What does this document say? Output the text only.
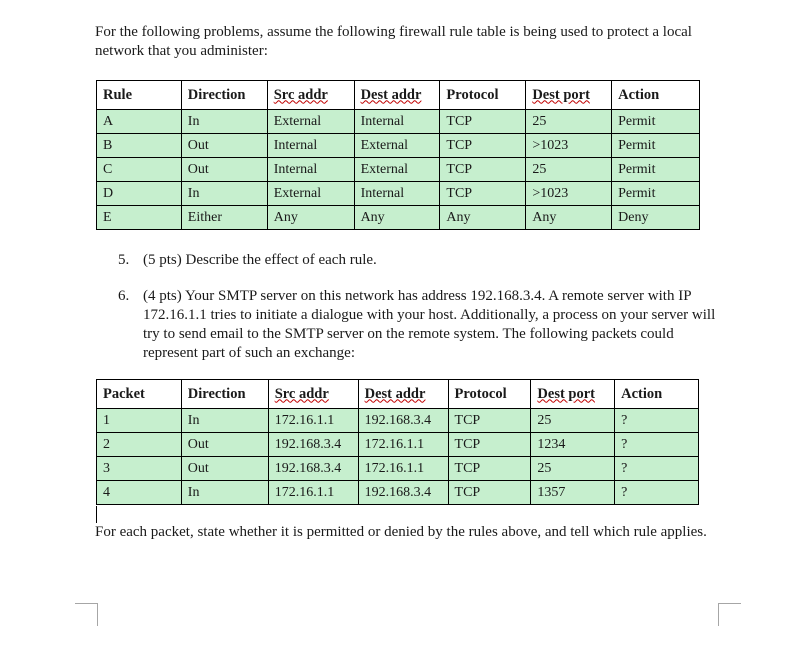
For the following problems, assume the following firewall rule table is being used to protect a local network that you administer:

Rule	Direction	Src addr	Dest addr	Protocol	Dest port	Action
A	In	External	Internal	TCP	25	Permit
B	Out	Internal	External	TCP	>1023	Permit
C	Out	Internal	External	TCP	25	Permit
D	In	External	Internal	TCP	>1023	Permit
E	Either	Any	Any	Any	Any	Deny
5. (5 pts) Describe the effect of each rule.
6. (4 pts) Your SMTP server on this network has address 192.168.3.4. A remote server with IP 172.16.1.1 tries to initiate a dialogue with your host. Additionally, a process on your server will try to send email to the SMTP server on the remote system. The following packets could represent part of such an exchange:
Packet	Direction	Src addr	Dest addr	Protocol	Dest port	Action
1	In	172.16.1.1	192.168.3.4	TCP	25	?
2	Out	192.168.3.4	172.16.1.1	TCP	1234	?
3	Out	192.168.3.4	172.16.1.1	TCP	25	?
4	In	172.16.1.1	192.168.3.4	TCP	1357	?

For each packet, state whether it is permitted or denied by the rules above, and tell which rule applies.
